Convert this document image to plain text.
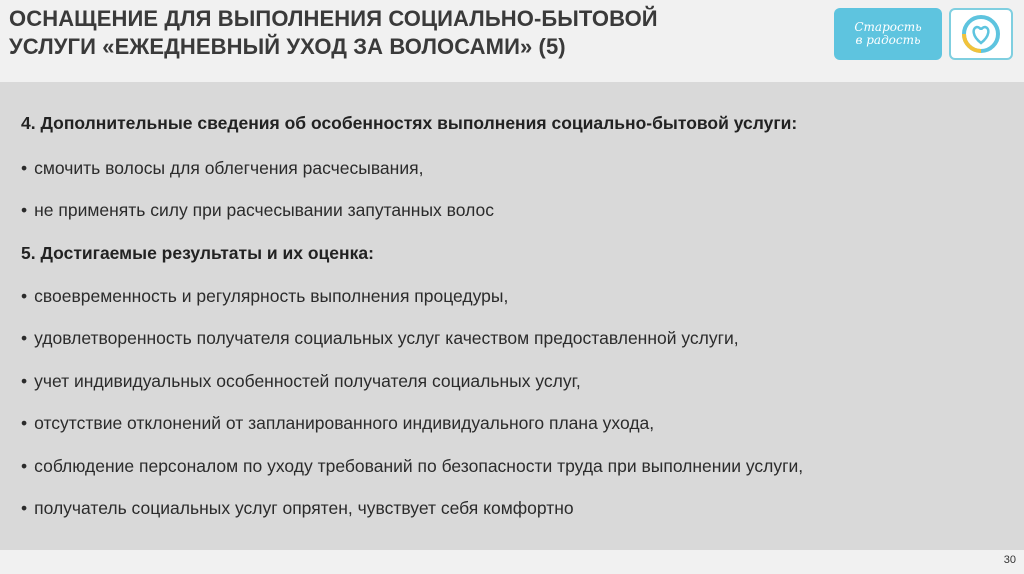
ОСНАЩЕНИЕ ДЛЯ ВЫПОЛНЕНИЯ СОЦИАЛЬНО-БЫТОВОЙ
УСЛУГИ «ЕЖЕДНЕВНЫЙ УХОД ЗА ВОЛОСАМИ» (5)
Старость
в радость
4. Дополнительные сведения об особенностях выполнения социально-бытовой услуги:
• смочить волосы для облегчения расчесывания,
• не применять силу при расчесывании запутанных волос
5. Достигаемые результаты и их оценка:
• своевременность и регулярность выполнения процедуры,
• удовлетворенность получателя социальных услуг качеством предоставленной услуги,
• учет индивидуальных особенностей получателя социальных услуг,
• отсутствие отклонений от запланированного индивидуального плана ухода,
• соблюдение персоналом по уходу требований по безопасности труда при выполнении услуги,
• получатель социальных услуг опрятен, чувствует себя комфортно
30
